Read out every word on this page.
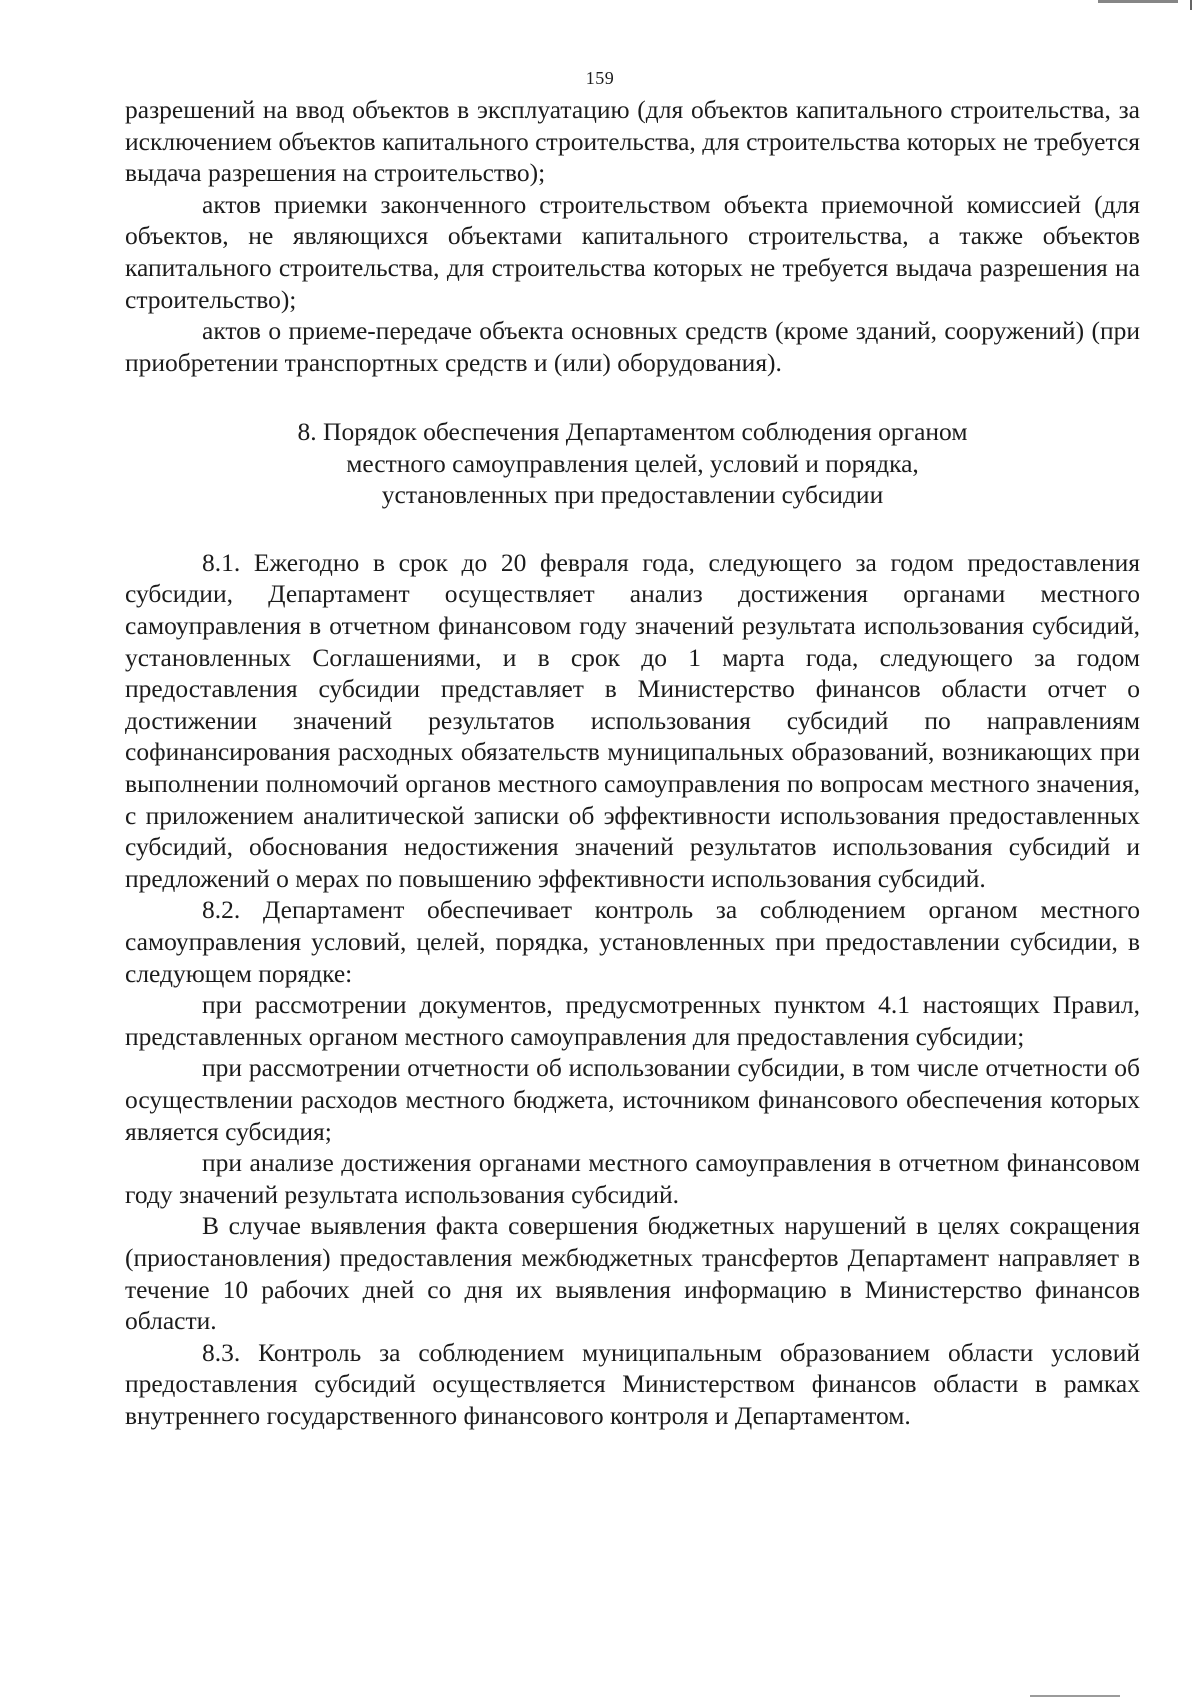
159

разрешений на ввод объектов в эксплуатацию (для объектов капитального строительства, за исключением объектов капитального строительства, для строительства которых не требуется выдача разрешения на строительство);

актов приемки законченного строительством объекта приемочной комиссией (для объектов, не являющихся объектами капитального строительства, а также объектов капитального строительства, для строительства которых не требуется выдача разрешения на строительство);

актов о приеме-передаче объекта основных средств (кроме зданий, сооружений) (при приобретении транспортных средств и (или) оборудования).

8. Порядок обеспечения Департаментом соблюдения органом
местного самоуправления целей, условий и порядка,
установленных при предоставлении субсидии

8.1. Ежегодно в срок до 20 февраля года, следующего за годом предоставления субсидии, Департамент осуществляет анализ достижения органами местного самоуправления в отчетном финансовом году значений результата использования субсидий, установленных Соглашениями, и в срок до 1 марта года, следующего за годом предоставления субсидии представляет в Министерство финансов области отчет о достижении значений результатов использования субсидий по направлениям софинансирования расходных обязательств муниципальных образований, возникающих при выполнении полномочий органов местного самоуправления по вопросам местного значения, с приложением аналитической записки об эффективности использования предоставленных субсидий, обоснования недостижения значений результатов использования субсидий и предложений о мерах по повышению эффективности использования субсидий.

8.2. Департамент обеспечивает контроль за соблюдением органом местного самоуправления условий, целей, порядка, установленных при предоставлении субсидии, в следующем порядке:

при рассмотрении документов, предусмотренных пунктом 4.1 настоящих Правил, представленных органом местного самоуправления для предоставления субсидии;

при рассмотрении отчетности об использовании субсидии, в том числе отчетности об осуществлении расходов местного бюджета, источником финансового обеспечения которых является субсидия;

при анализе достижения органами местного самоуправления в отчетном финансовом году значений результата использования субсидий.

В случае выявления факта совершения бюджетных нарушений в целях сокращения (приостановления) предоставления межбюджетных трансфертов Департамент направляет в течение 10 рабочих дней со дня их выявления информацию в Министерство финансов области.

8.3. Контроль за соблюдением муниципальным образованием области условий предоставления субсидий осуществляется Министерством финансов области в рамках внутреннего государственного финансового контроля и Департаментом.
